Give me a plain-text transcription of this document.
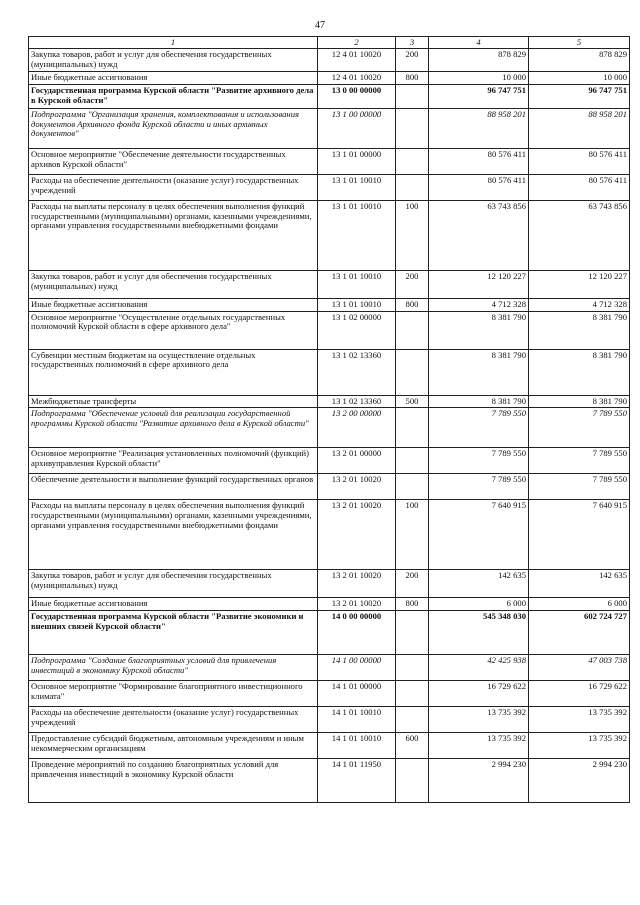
47
1	2	3	4	5
Закупка товаров, работ и услуг для обеспечения государственных (муниципальных) нужд	12 4 01 10020	200	878 829	878 829
Иные бюджетные ассигнования	12 4 01 10020	800	10 000	10 000
Государственная программа Курской области "Развитие архивного дела в Курской области"	13 0 00 00000		96 747 751	96 747 751
Подпрограмма "Организация хранения, комплектования и использования документов Архивного фонда Курской области и иных архивных документов"	13 1 00 00000		88 958 201	88 958 201
Основное мероприятие "Обеспечение деятельности государственных архивов Курской области"	13 1 01 00000		80 576 411	80 576 411
Расходы на обеспечение деятельности (оказание услуг) государственных учреждений	13 1 01 10010		80 576 411	80 576 411
Расходы на выплаты персоналу в целях обеспечения выполнения функций государственными (муниципальными) органами, казенными учреждениями, органами управления государственными внебюджетными фондами	13 1 01 10010	100	63 743 856	63 743 856
Закупка товаров, работ и услуг для обеспечения государственных (муниципальных) нужд	13 1 01 10010	200	12 120 227	12 120 227
Иные бюджетные ассигнования	13 1 01 10010	800	4 712 328	4 712 328
Основное мероприятие "Осуществление отдельных государственных полномочий Курской области в сфере архивного дела"	13 1 02 00000		8 381 790	8 381 790
Субвенции местным бюджетам на осуществление отдельных государственных полномочий в сфере архивного дела	13 1 02 13360		8 381 790	8 381 790
Межбюджетные трансферты	13 1 02 13360	500	8 381 790	8 381 790
Подпрограмма "Обеспечение условий для реализации государственной программы Курской области "Развитие архивного дела в Курской области"	13 2 00 00000		7 789 550	7 789 550
Основное мероприятие "Реализация установленных полномочий (функций) архивуправления Курской области"	13 2 01 00000		7 789 550	7 789 550
Обеспечение деятельности и выполнение функций государственных органов	13 2 01 10020		7 789 550	7 789 550
Расходы на выплаты персоналу в целях обеспечения выполнения функций государственными (муниципальными) органами, казенными учреждениями, органами управления государственными внебюджетными фондами	13 2 01 10020	100	7 640 915	7 640 915
Закупка товаров, работ и услуг для обеспечения государственных (муниципальных) нужд	13 2 01 10020	200	142 635	142 635
Иные бюджетные ассигнования	13 2 01 10020	800	6 000	6 000
Государственная программа Курской области "Развитие экономики и внешних связей Курской области"	14 0 00 00000		545 348 030	602 724 727
Подпрограмма "Создание благоприятных условий для привлечения инвестиций в экономику Курской области"	14 1 00 00000		42 425 938	47 003 738
Основное мероприятие "Формирование благоприятного инвестиционного климата"	14 1 01 00000		16 729 622	16 729 622
Расходы на обеспечение деятельности (оказание услуг) государственных учреждений	14 1 01 10010		13 735 392	13 735 392
Предоставление субсидий бюджетным, автономным учреждениям и иным некоммерческим организациям	14 1 01 10010	600	13 735 392	13 735 392
Проведение мероприятий по созданию благоприятных условий для привлечения инвестиций в экономику Курской области	14 1 01 11950		2 994 230	2 994 230
